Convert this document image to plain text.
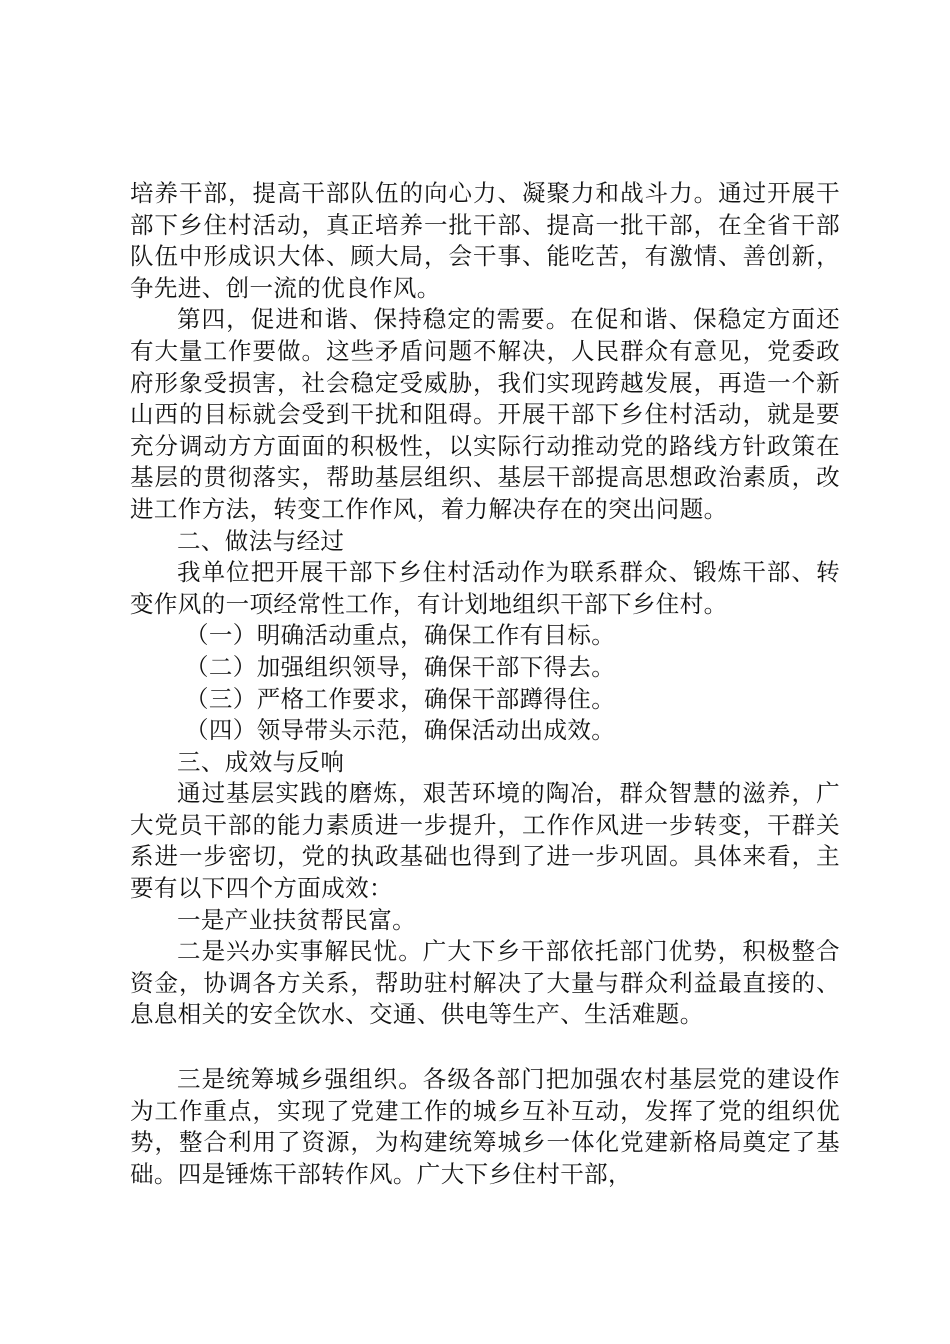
培养干部，提高干部队伍的向心力、凝聚力和战斗力。通过开展干部下乡住村活动，真正培养一批干部、提高一批干部，在全省干部队伍中形成识大体、顾大局，会干事、能吃苦，有激情、善创新，争先进、创一流的优良作风。

第四，促进和谐、保持稳定的需要。在促和谐、保稳定方面还有大量工作要做。这些矛盾问题不解决，人民群众有意见，党委政府形象受损害，社会稳定受威胁，我们实现跨越发展，再造一个新山西的目标就会受到干扰和阻碍。开展干部下乡住村活动，就是要充分调动方方面面的积极性，以实际行动推动党的路线方针政策在基层的贯彻落实，帮助基层组织、基层干部提高思想政治素质，改进工作方法，转变工作作风，着力解决存在的突出问题。

二、做法与经过

我单位把开展干部下乡住村活动作为联系群众、锻炼干部、转变作风的一项经常性工作，有计划地组织干部下乡住村。

（一）明确活动重点，确保工作有目标。

（二）加强组织领导，确保干部下得去。

（三）严格工作要求，确保干部蹲得住。

（四）领导带头示范，确保活动出成效。

三、成效与反响

通过基层实践的磨炼，艰苦环境的陶冶，群众智慧的滋养，广大党员干部的能力素质进一步提升，工作作风进一步转变，干群关系进一步密切，党的执政基础也得到了进一步巩固。具体来看，主要有以下四个方面成效：

一是产业扶贫帮民富。

二是兴办实事解民忧。广大下乡干部依托部门优势，积极整合资金，协调各方关系，帮助驻村解决了大量与群众利益最直接的、息息相关的安全饮水、交通、供电等生产、生活难题。

三是统筹城乡强组织。各级各部门把加强农村基层党的建设作为工作重点，实现了党建工作的城乡互补互动，发挥了党的组织优势，整合利用了资源，为构建统筹城乡一体化党建新格局奠定了基础。四是锤炼干部转作风。广大下乡住村干部，
